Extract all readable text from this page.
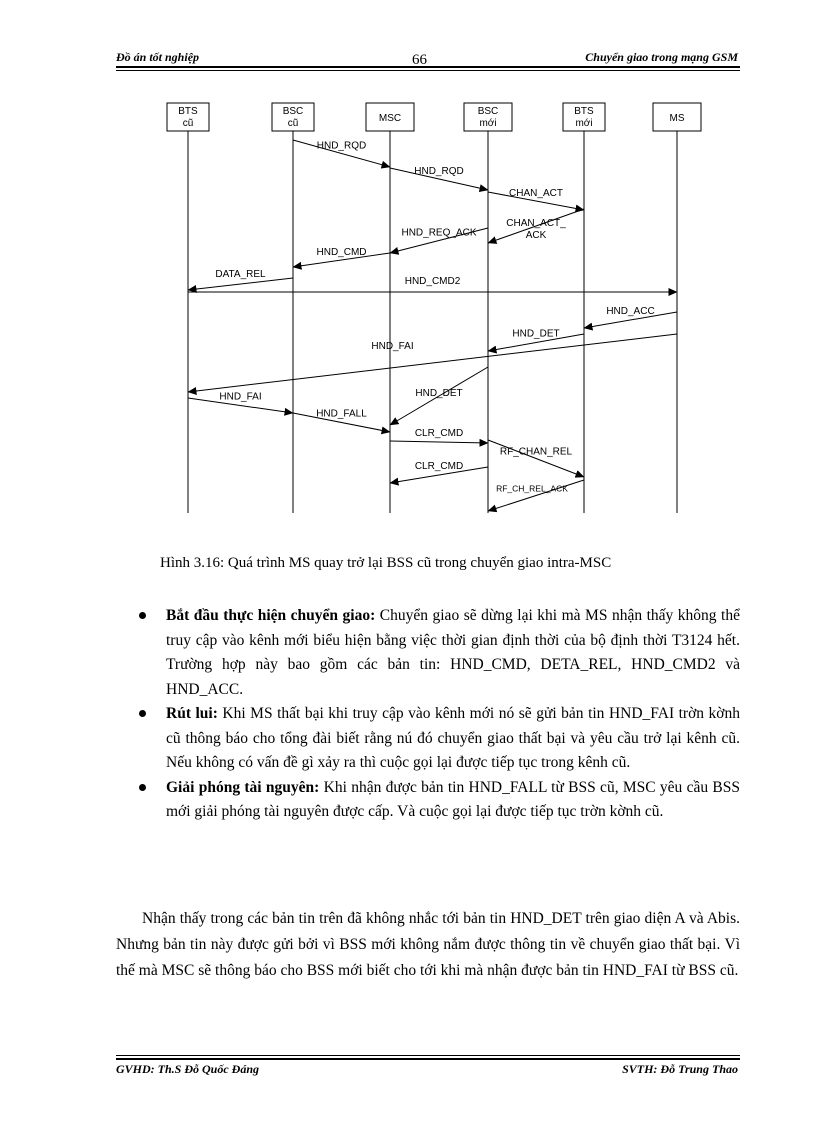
Đồ án tốt nghiệp	66	Chuyển giao trong mạng GSM
BTS
cũ
BSC
cũ	MSC
BSC
mới
BTS
mới	MS
HND_RQD
HND_RQD
CHAN_ACT
CHAN_ACT_
ACK
HND_REQ_ACK
HND_CMD
DATA_REL
HND_CMD2
HND_ACC
HND_DET
HND_FAI
HND_DET
HND_FAI
HND_FALL
CLR_CMD
RF_CHAN_REL
CLR_CMD
RF_CH_REL_ACK
Hình 3.16: Quá trình MS quay trở lại BSS cũ trong chuyển giao intra-MSC
Bắt đầu thực hiện chuyển giao: Chuyển giao sẽ dừng lại khi mà MS nhận thấy không thể truy cập vào kênh mới biểu hiện bằng việc thời gian định thời của bộ định thời T3124 hết. Trường hợp này bao gồm các bản tin: HND_CMD, DETA_REL, HND_CMD2 và HND_ACC.
Rút lui: Khi MS thất bại khi truy cập vào kênh mới nó sẽ gửi bản tin HND_FAI trờn kờnh cũ thông báo cho tổng đài biết rằng nú đó chuyển giao thất bại và yêu cầu trở lại kênh cũ. Nếu không có vấn đề gì xảy ra thì cuộc gọi lại được tiếp tục trong kênh cũ.
Giải phóng tài nguyên: Khi nhận được bản tin HND_FALL từ BSS cũ, MSC yêu cầu BSS mới giải phóng tài nguyên được cấp. Và cuộc gọi lại được tiếp tục trờn kờnh cũ.

Nhận thấy trong các bản tin trên đã không nhắc tới bản tin HND_DET trên giao diện A và Abis. Nhưng bản tin này được gửi bởi vì BSS mới không nắm được thông tin về chuyển giao thất bại. Vì thế mà MSC sẽ thông báo cho BSS mới biết cho tới khi mà nhận được bản tin HND_FAI từ BSS cũ.

GVHD: Th.S Đỗ Quốc Đáng	SVTH: Đỗ Trung Thao
